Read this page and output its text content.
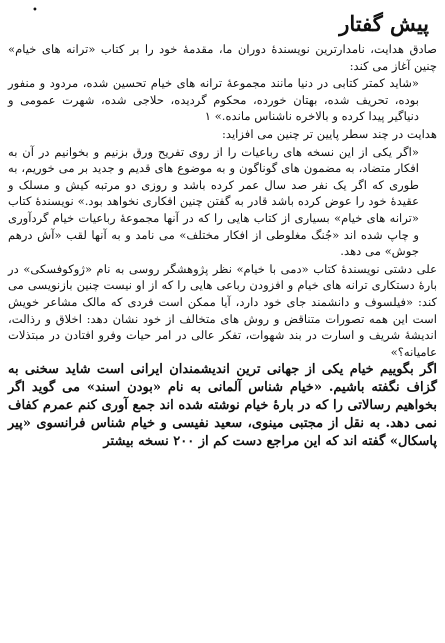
•
پیش گفتار

صادق هدایت، نامدارترین نویسندهٔ دوران ما، مقدمهٔ خود را بر کتاب «ترانه های خیام» چنین آغاز می کند:

«شاید کمتر کتابی در دنیا مانند مجموعهٔ ترانه های خیام تحسین شده، مردود و منفور بوده، تحریف شده، بهتان خورده، محکوم گردیده، حلاجی شده، شهرت عمومی و دنیاگیر پیدا کرده و بالاخره ناشناس مانده.» ۱

هدایت در چند سطر پایین تر چنین می افزاید:

«اگر یکی از این نسخه های رباعیات را از روی تفریح ورق بزنیم و بخوانیم در آن به افکار متضاد، به مضمون های گوناگون و به موضوع های قدیم و جدید بر می خوریم، به طوری که اگر یک نفر صد سال عمر کرده باشد و روزی دو مرتبه کیش و مسلک و عقیدهٔ خود را عوض کرده باشد قادر به گفتن چنین افکاری نخواهد بود.» نویسندهٔ کتاب «ترانه های خیام» بسیاری از کتاب هایی را که در آنها مجموعهٔ رباعیات خیام گردآوری و چاپ شده اند «جُنگ مغلوطی از افکار مختلف» می نامد و به آنها لقب «آش درهم جوش» می دهد.

علی دشتی نویسندهٔ کتاب «دمی با خیام» نظر پژوهشگر روسی به نام «ژوکوفسکی» در بارهٔ دستکاری ترانه های خیام و افزودن رباعی هایی را که از او نیست چنین بازنویسی می کند: «فیلسوف و دانشمند جای خود دارد، آیا ممکن است فردی که مالک مشاعر خویش است این همه تصورات متناقض و روش های متخالف از خود نشان دهد: اخلاق و رذالت، اندیشهٔ شریف و اسارت در بند شهوات، تفکر عالی در امر حیات وفرو افتادن در مبتذلات عامیانه؟»

اگر بگوییم خیام یکی از جهانی ترین اندیشمندان ایرانی است شاید سخنی به گزاف نگفته باشیم. «خیام شناس آلمانی به نام «بودن اسند» می گوید اگر بخواهیم رسالاتی را که در بارهٔ خیام نوشته شده اند جمع آوری کنم عمرم کفاف نمی دهد. به نقل از مجتبی مینوی، سعید نفیسی و خیام شناس فرانسوی «پیر پاسکال» گفته اند که این مراجع دست کم از ۲۰۰ نسخه بیشتر
